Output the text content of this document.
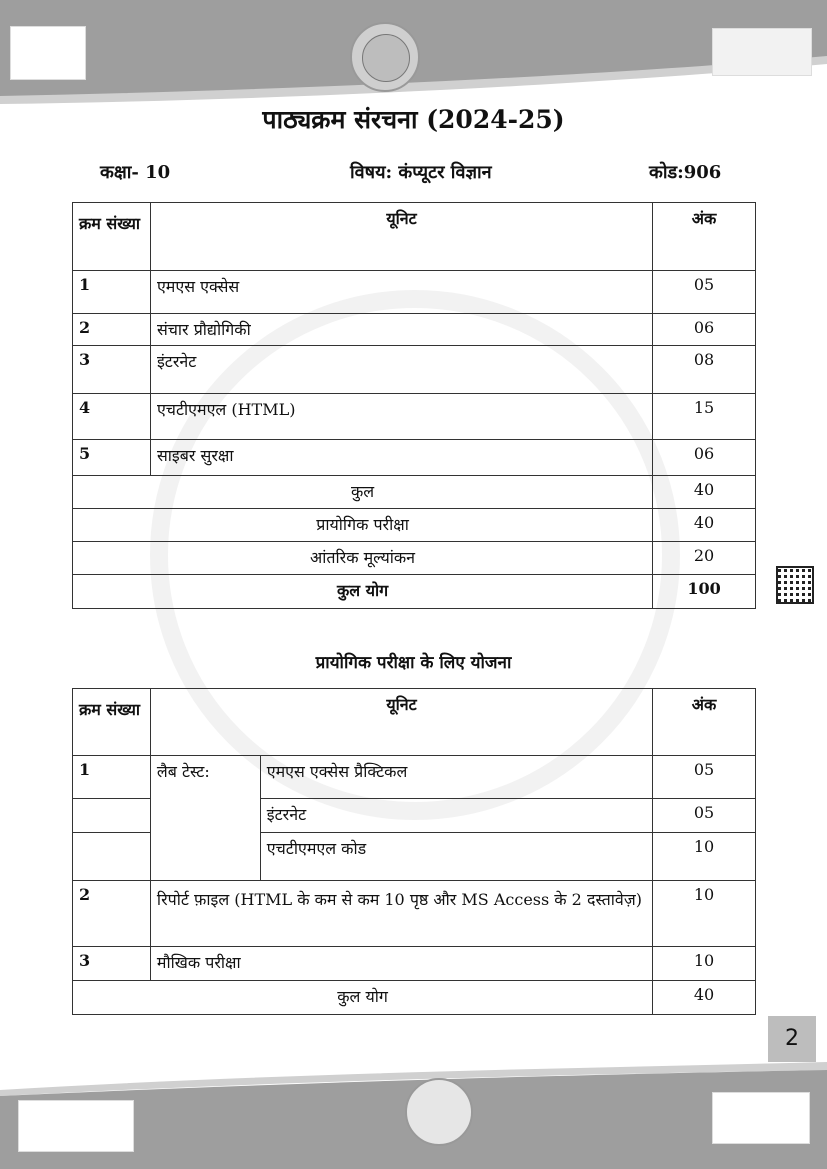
पाठ्यक्रम संरचना (2024-25)
कक्षा- 10	विषय: कंप्यूटर विज्ञान	कोड:906
क्रम संख्या	यूनिट	अंक
1	एमएस एक्सेस	05
2	संचार प्रौद्योगिकी	06
3	इंटरनेट	08
4	एचटीएमएल (HTML)	15
5	साइबर सुरक्षा	06
कुल		40
प्रायोगिक परीक्षा		40
आंतरिक मूल्यांकन		20
कुल योग		100
प्रायोगिक परीक्षा के लिए योजना
क्रम संख्या	यूनिट		अंक
1	लैब टेस्ट:	एमएस एक्सेस प्रैक्टिकल	05
		इंटरनेट	05
		एचटीएमएल कोड	10
2	रिपोर्ट फ़ाइल (HTML के कम से कम 10 पृष्ठ और MS Access के 2 दस्तावेज़)		10
3	मौखिक परीक्षा		10
कुल योग			40
2
